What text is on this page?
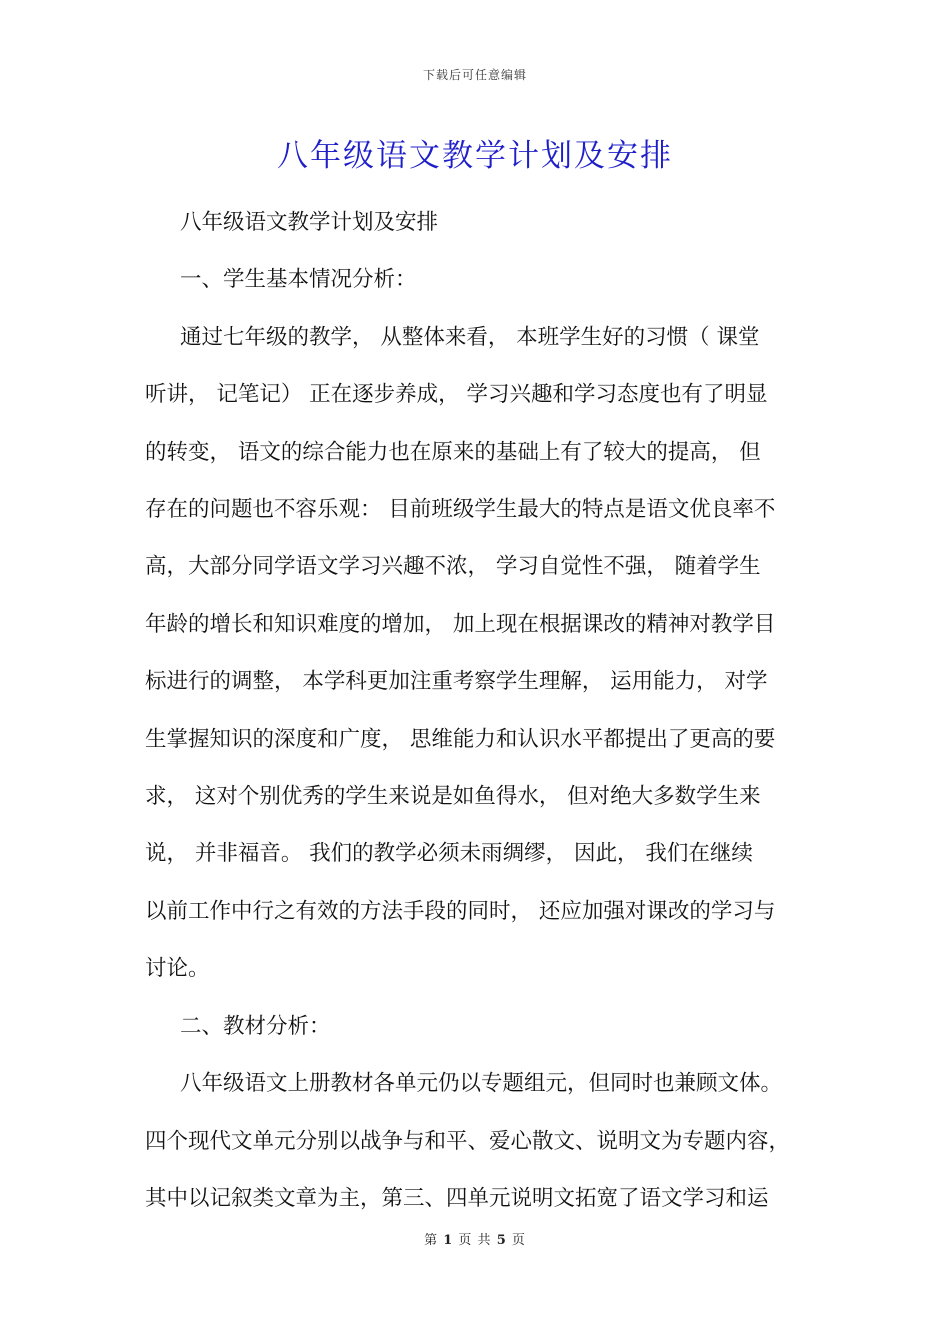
下载后可任意编辑
八年级语文教学计划及安排

八年级语文教学计划及安排

一、学生基本情况分析：

通过七年级的教学， 从整体来看， 本班学生好的习惯（ 课堂

听讲， 记笔记） 正在逐步养成， 学习兴趣和学习态度也有了明显

的转变， 语文的综合能力也在原来的基础上有了较大的提高， 但

存在的问题也不容乐观： 目前班级学生最大的特点是语文优良率不

高，大部分同学语文学习兴趣不浓， 学习自觉性不强， 随着学生

年龄的增长和知识难度的增加， 加上现在根据课改的精神对教学目

标进行的调整， 本学科更加注重考察学生理解， 运用能力， 对学

生掌握知识的深度和广度， 思维能力和认识水平都提出了更高的要

求， 这对个别优秀的学生来说是如鱼得水， 但对绝大多数学生来

说， 并非福音。 我们的教学必须未雨绸缪， 因此， 我们在继续

以前工作中行之有效的方法手段的同时， 还应加强对课改的学习与

讨论。

二、教材分析：

八年级语文上册教材各单元仍以专题组元，但同时也兼顾文体。

四个现代文单元分别以战争与和平、爱心散文、说明文为专题内容，

其中以记叙类文章为主，第三、四单元说明文拓宽了语文学习和运

第 1 页 共 5 页
